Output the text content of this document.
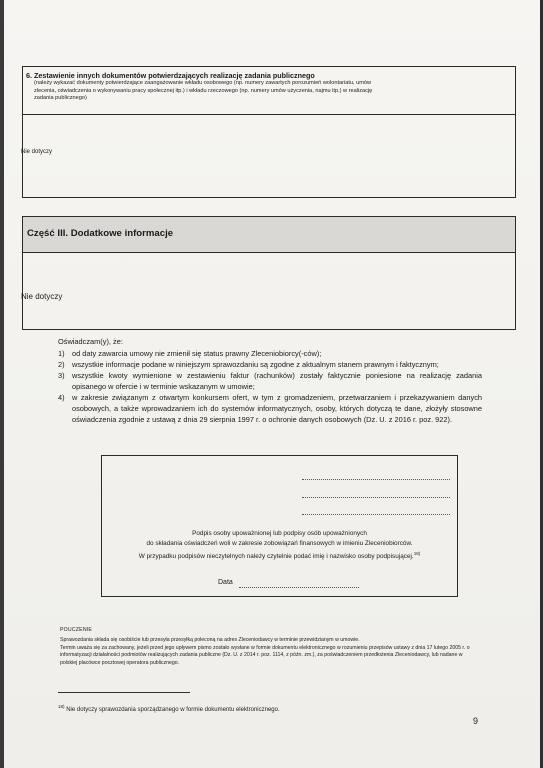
6. Zestawienie innych dokumentów potwierdzających realizację zadania publicznego
(należy wykazać dokumenty potwierdzające zaangażowanie wkładu osobowego (np. numery zawartych porozumień wolontariatu, umów
zlecenia, oświadczenia o wykonywaniu pracy społecznej itp.) i wkładu rzeczowego (np. numery umów użyczenia, najmu itp.) w realizację
zadania publicznego)
Nie dotyczy
Część III. Dodatkowe informacje
Nie dotyczy
Oświadczam(y), że:
1) od daty zawarcia umowy nie zmienił się status prawny Zleceniobiorcy(-ców);
2) wszystkie informacje podane w niniejszym sprawozdaniu są zgodne z aktualnym stanem prawnym i faktycznym;
3) wszystkie kwoty wymienione w zestawieniu faktur (rachunków) zostały faktycznie poniesione na realizację zadania opisanego w ofercie i w terminie wskazanym w umowie;
4) w zakresie związanym z otwartym konkursem ofert, w tym z gromadzeniem, przetwarzaniem i przekazywaniem danych osobowych, a także wprowadzaniem ich do systemów informatycznych, osoby, których dotyczą te dane, złożyły stosowne oświadczenia zgodnie z ustawą z dnia 29 sierpnia 1997 r. o ochronie danych osobowych (Dz. U. z 2016 r. poz. 922).
Podpis osoby upoważnionej lub podpisy osób upoważnionych
do składania oświadczeń woli w zakresie zobowiązań finansowych w imieniu Zleceniobiorców.
W przypadku podpisów nieczytelnych należy czytelnie podać imię i nazwisko osoby podpisującej.$^{18)}$
Data
POUCZENIE

Sprawozdania składa się osobiście lub przesyła przesyłką poleconą na adres Zleceniodawcy w terminie przewidzianym w umowie.

Termin uważa się za zachowany, jeżeli przed jego upływem pismo zostało wysłane w formie dokumentu elektronicznego w rozumieniu przepisów ustawy z dnia 17 lutego 2005 r. o informatyzacji działalności podmiotów realizujących zadania publiczne (Dz. U. z 2014 r. poz. 1114, z późn. zm.), za poświadczeniem przedłożenia Zleceniodawcy, lub nadane w polskiej placówce pocztowej operatora publicznego.

$^{18)}$ Nie dotyczy sprawozdania sporządzanego w formie dokumentu elektronicznego.
9
